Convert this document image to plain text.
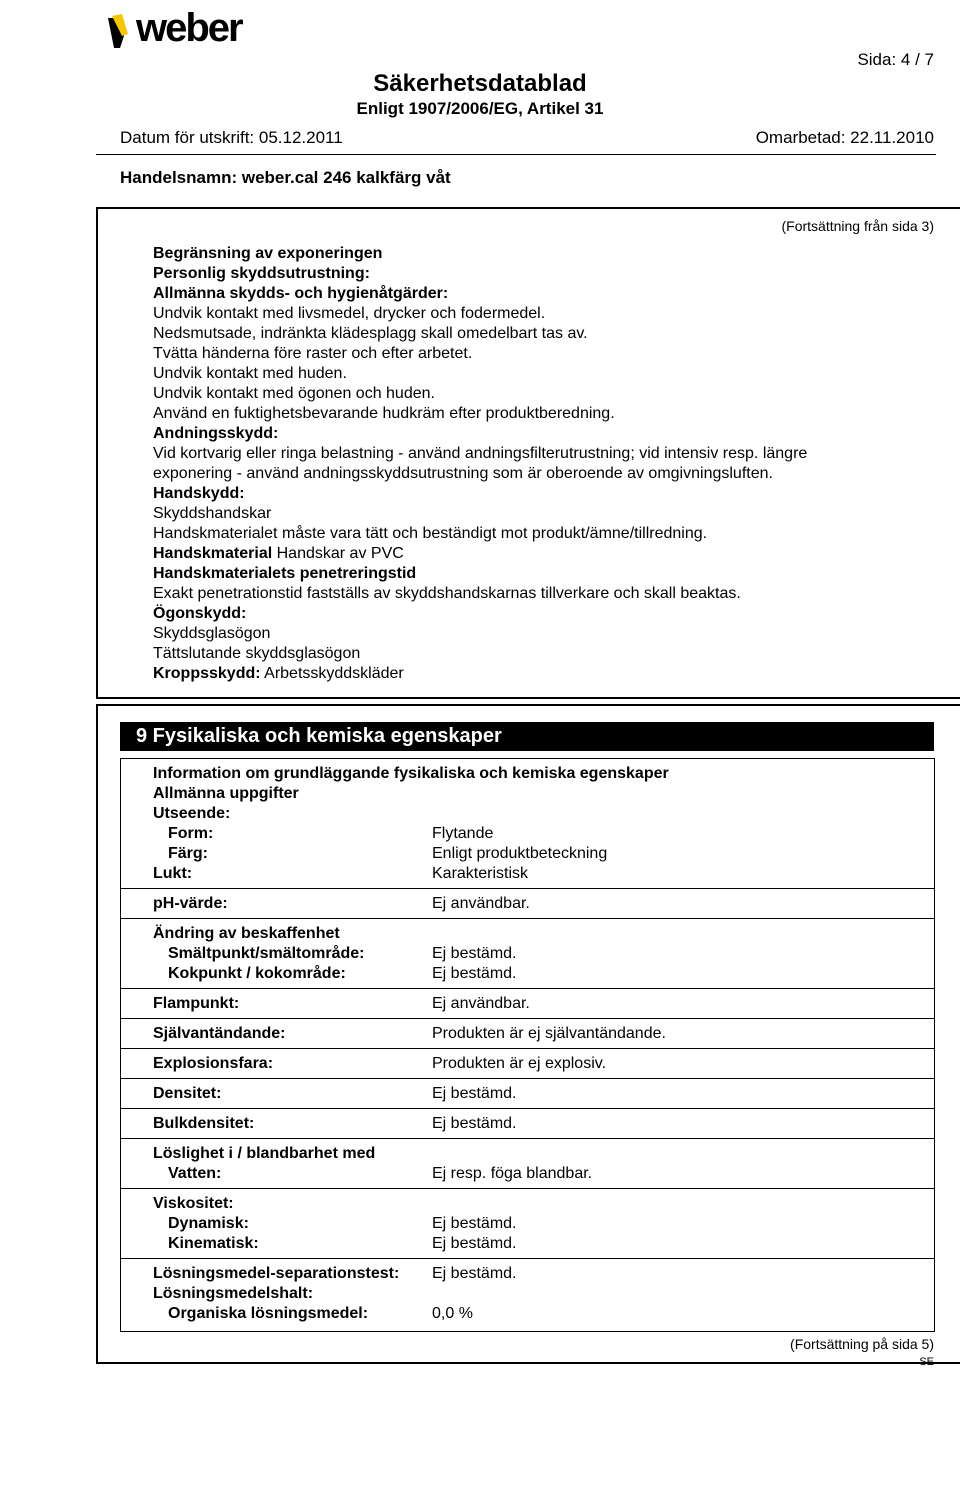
weber
Sida: 4 / 7
Säkerhetsdatablad
Enligt 1907/2006/EG, Artikel 31
Datum för utskrift: 05.12.2011	Omarbetad: 22.11.2010
Handelsnamn: weber.cal 246 kalkfärg våt
(Fortsättning från sida 3)
Begränsning av exponeringen
Personlig skyddsutrustning:
Allmänna skydds- och hygienåtgärder:
Undvik kontakt med livsmedel, drycker och fodermedel.
Nedsmutsade, indränkta klädesplagg skall omedelbart tas av.
Tvätta händerna före raster och efter arbetet.
Undvik kontakt med huden.
Undvik kontakt med ögonen och huden.
Använd en fuktighetsbevarande hudkräm efter produktberedning.
Andningsskydd:
Vid kortvarig eller ringa belastning - använd andningsfilterutrustning; vid intensiv resp. längre
exponering - använd andningsskyddsutrustning som är oberoende av omgivningsluften.
Handskydd:
Skyddshandskar
Handskmaterialet måste vara tätt och beständigt mot produkt/ämne/tillredning.
Handskmaterial Handskar av PVC
Handskmaterialets penetreringstid
Exakt penetrationstid fastställs av skyddshandskarnas tillverkare och skall beaktas.
Ögonskydd:
Skyddsglasögon
Tättslutande skyddsglasögon
Kroppsskydd: Arbetsskyddskläder
9 Fysikaliska och kemiska egenskaper
Information om grundläggande fysikaliska och kemiska egenskaper
Allmänna uppgifter
Utseende:
Form:	Flytande
Färg:	Enligt produktbeteckning
Lukt:	Karakteristisk
pH-värde:	Ej användbar.
Ändring av beskaffenhet
Smältpunkt/smältområde:	Ej bestämd.
Kokpunkt / kokområde:	Ej bestämd.
Flampunkt:	Ej användbar.
Självantändande:	Produkten är ej självantändande.
Explosionsfara:	Produkten är ej explosiv.
Densitet:	Ej bestämd.
Bulkdensitet:	Ej bestämd.
Löslighet i / blandbarhet med
Vatten:	Ej resp. föga blandbar.
Viskositet:
Dynamisk:	Ej bestämd.
Kinematisk:	Ej bestämd.
Lösningsmedel-separationstest: Ej bestämd.
Lösningsmedelshalt:
Organiska lösningsmedel:	0,0 %
(Fortsättning på sida 5)
SE
